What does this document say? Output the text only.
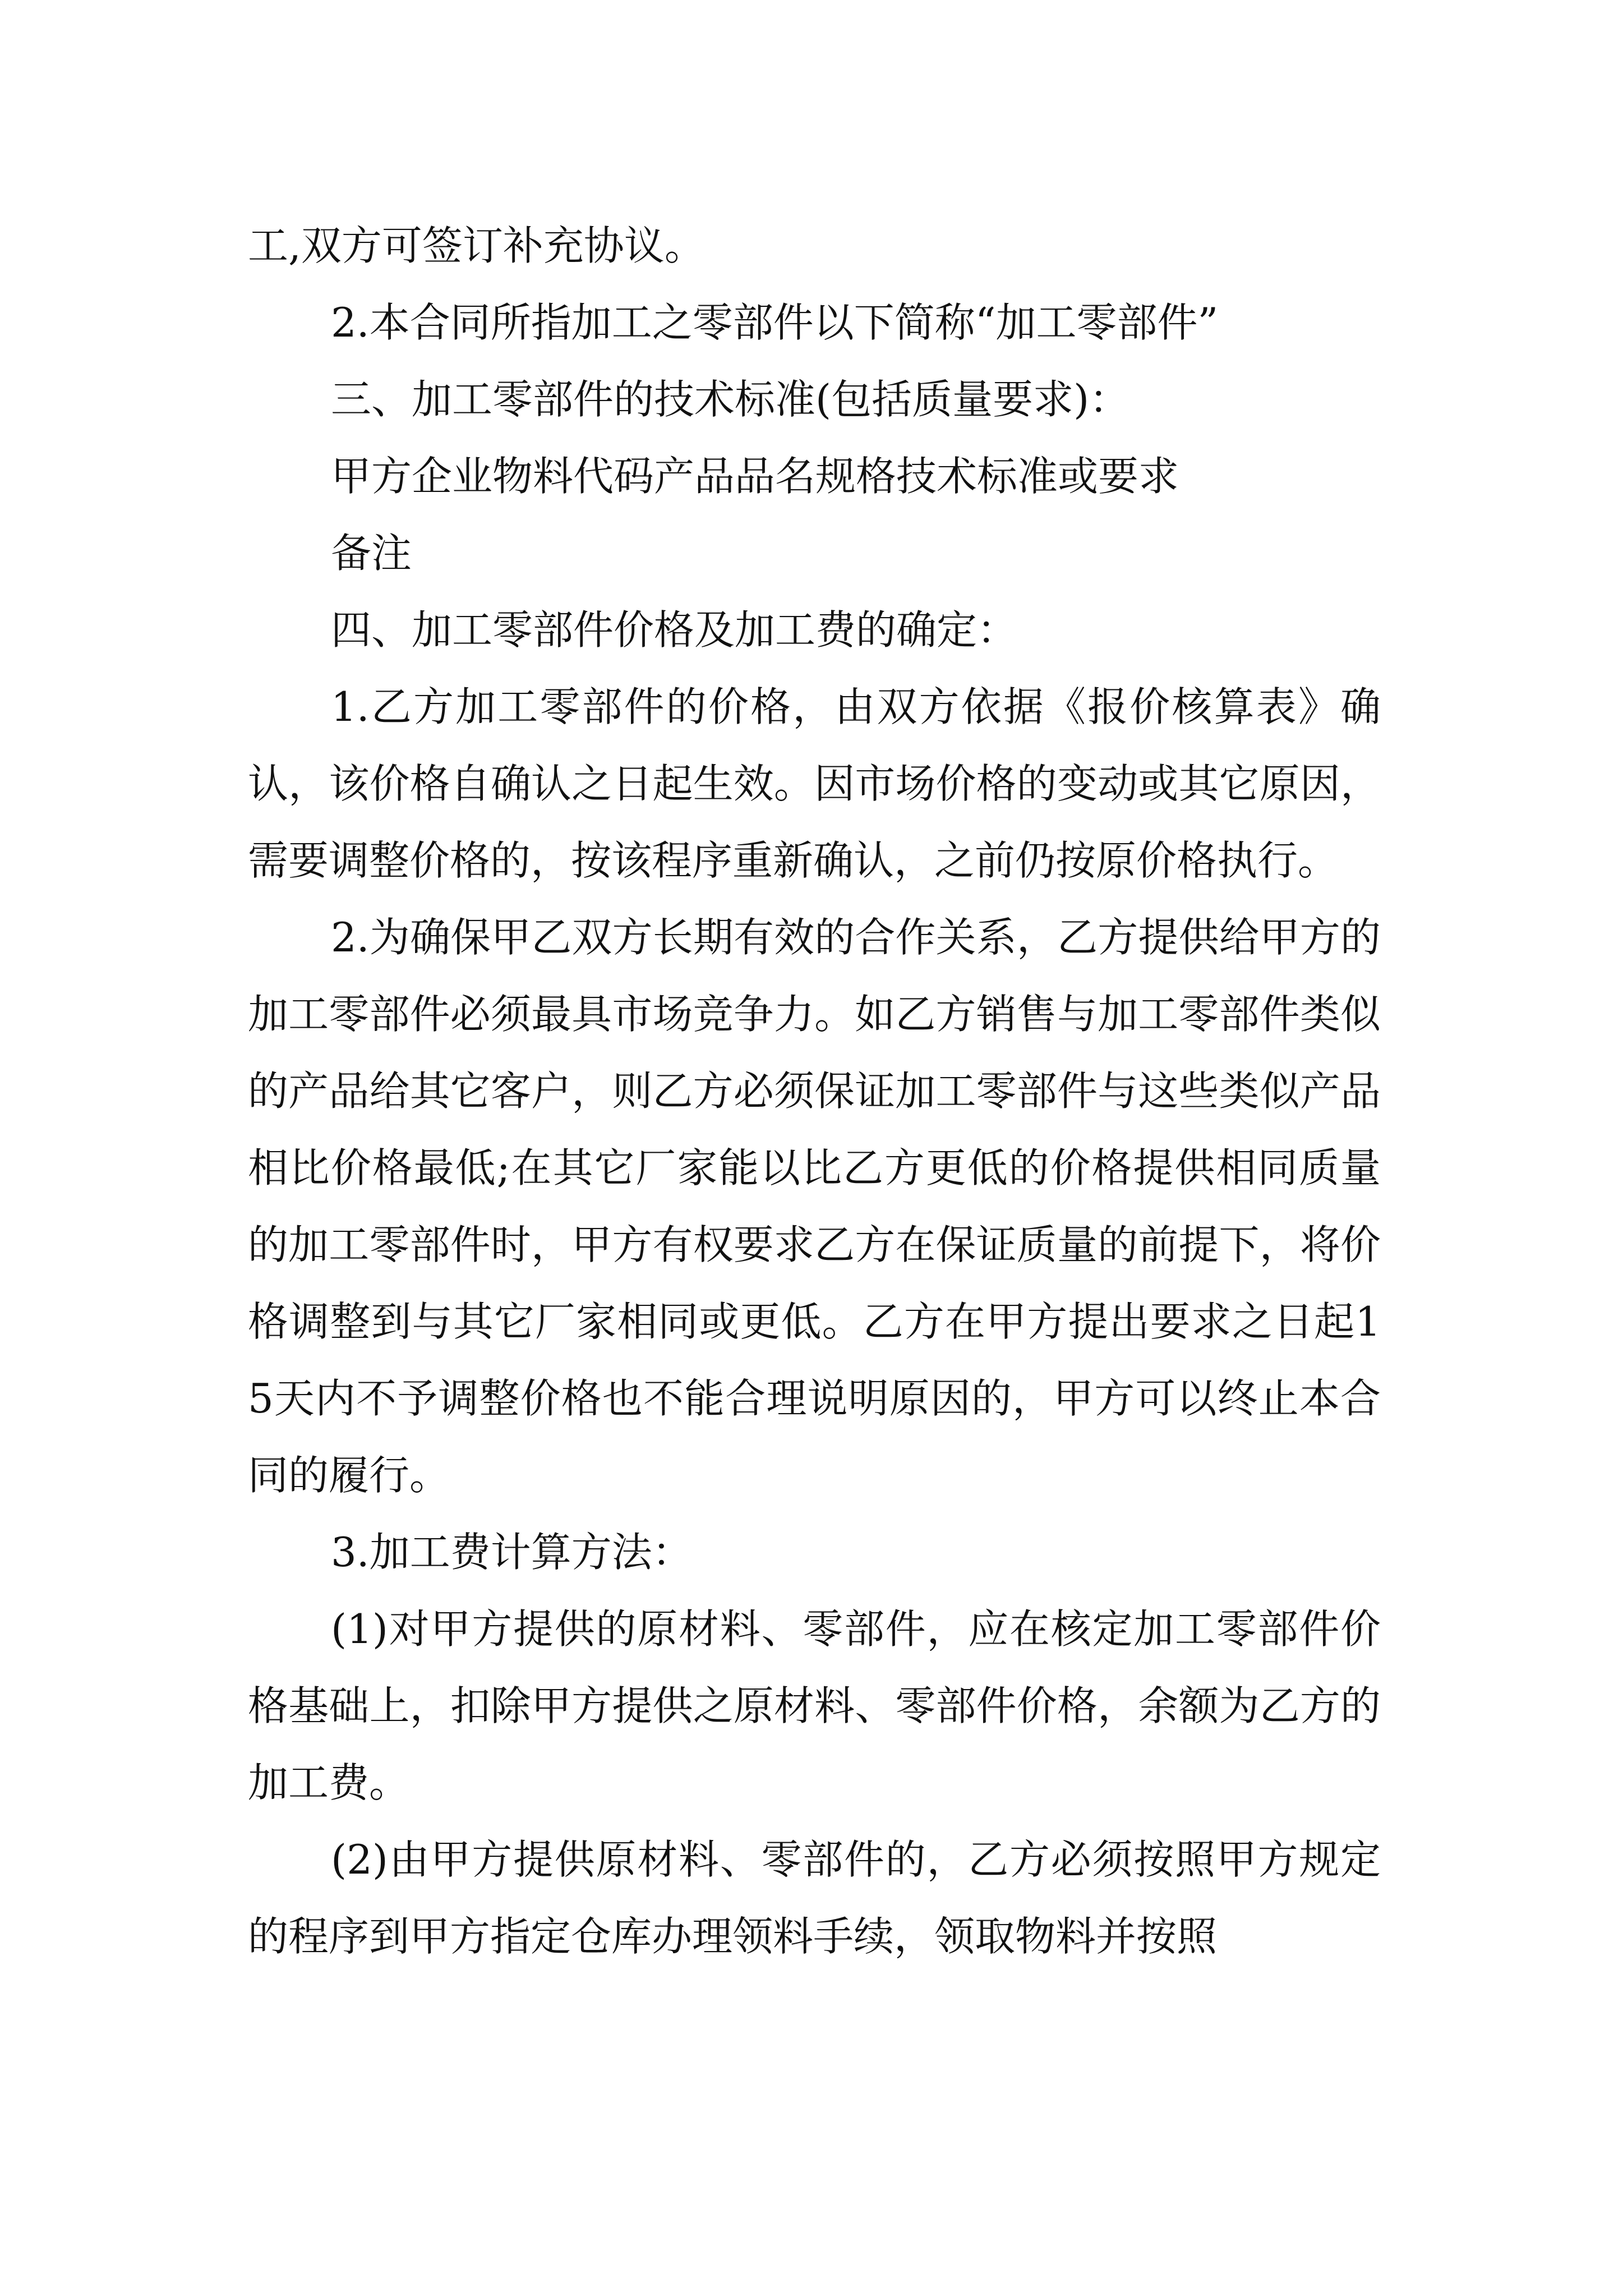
工,双方可签订补充协议。

2.本合同所指加工之零部件以下简称“加工零部件”

三、加工零部件的技术标准(包括质量要求)：

甲方企业物料代码产品品名规格技术标准或要求

备注

四、加工零部件价格及加工费的确定：

1.乙方加工零部件的价格，由双方依据《报价核算表》确认，该价格自确认之日起生效。因市场价格的变动或其它原因，需要调整价格的，按该程序重新确认，之前仍按原价格执行。

2.为确保甲乙双方长期有效的合作关系，乙方提供给甲方的加工零部件必须最具市场竞争力。如乙方销售与加工零部件类似的产品给其它客户，则乙方必须保证加工零部件与这些类似产品相比价格最低;在其它厂家能以比乙方更低的价格提供相同质量的加工零部件时，甲方有权要求乙方在保证质量的前提下，将价格调整到与其它厂家相同或更低。乙方在甲方提出要求之日起15天内不予调整价格也不能合理说明原因的，甲方可以终止本合同的履行。

3.加工费计算方法：

(1)对甲方提供的原材料、零部件，应在核定加工零部件价格基础上，扣除甲方提供之原材料、零部件价格，余额为乙方的加工费。

(2)由甲方提供原材料、零部件的，乙方必须按照甲方规定的程序到甲方指定仓库办理领料手续，领取物料并按照
